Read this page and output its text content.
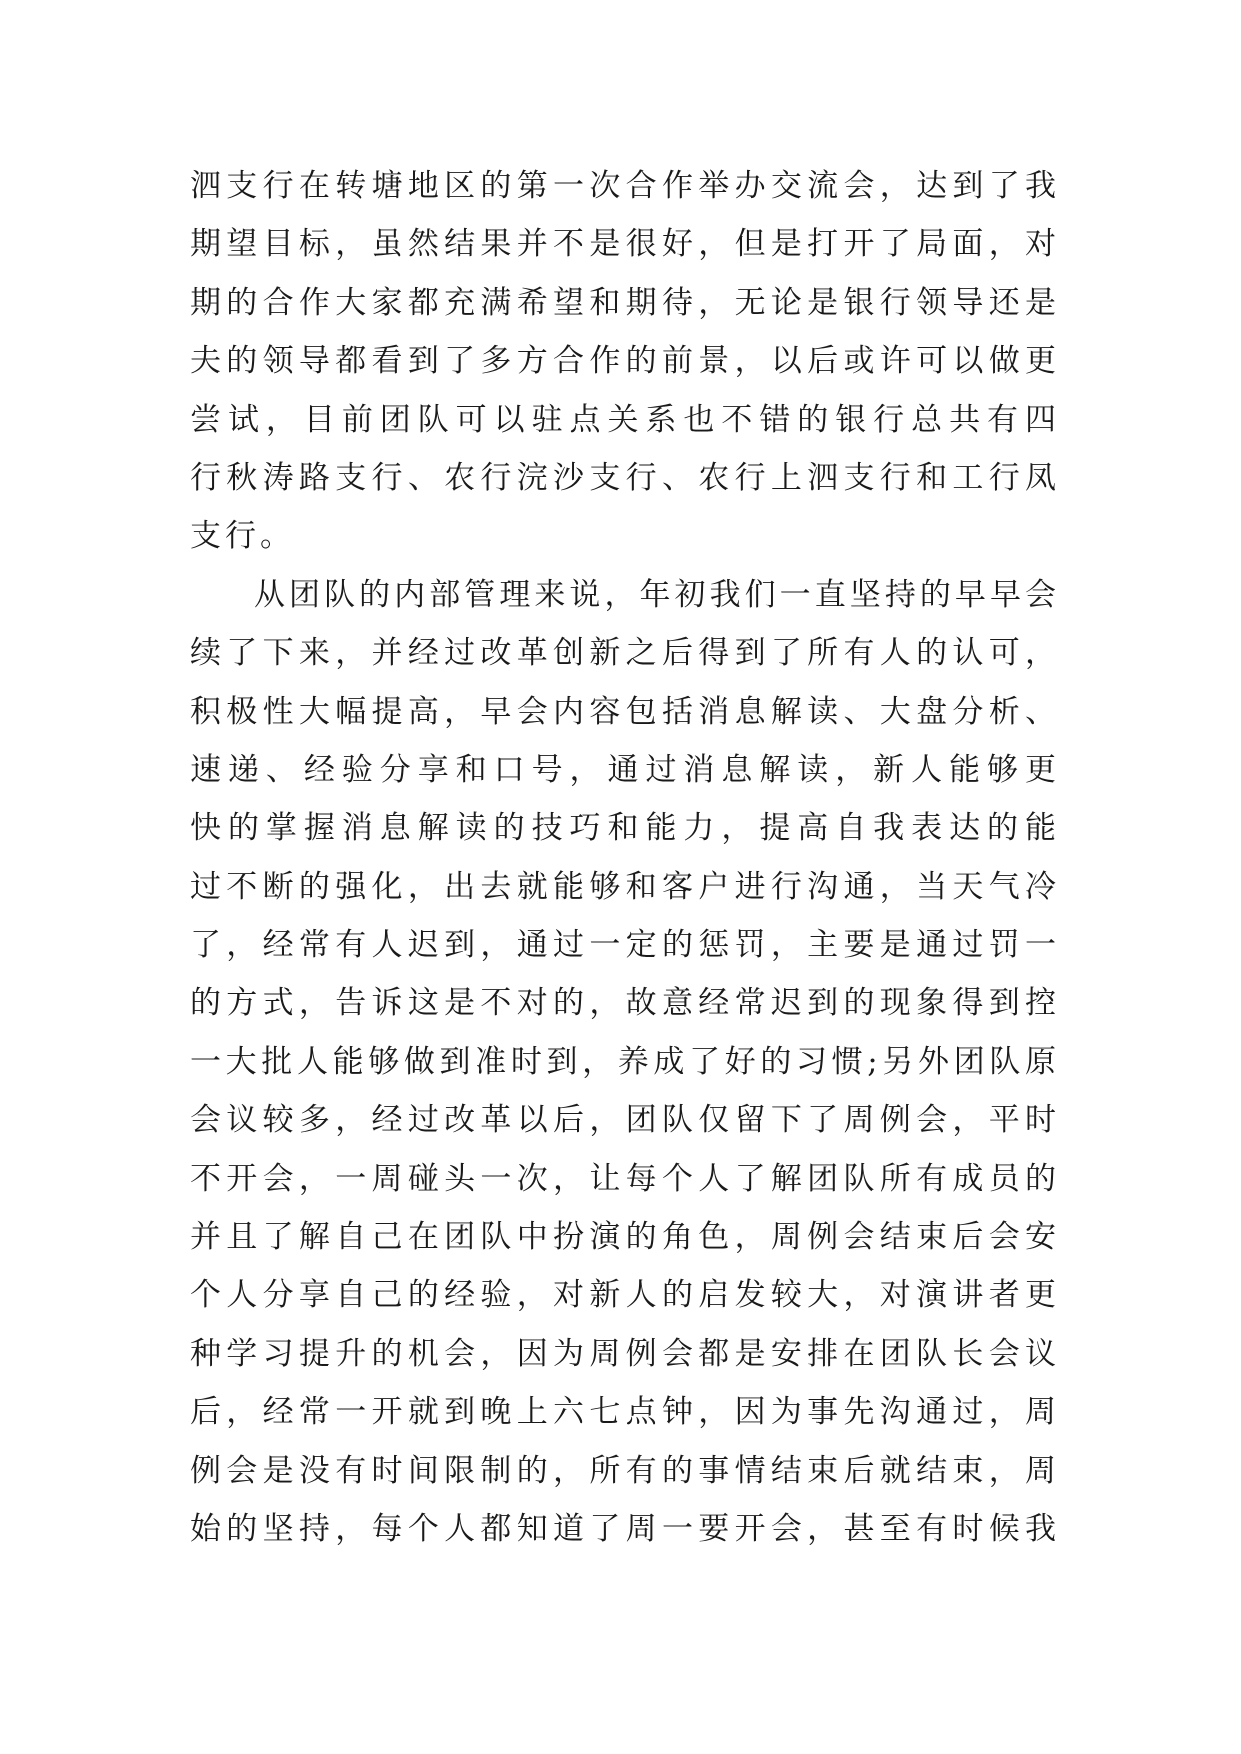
泗支行在转塘地区的第一次合作举办交流会，达到了我
期望目标，虽然结果并不是很好，但是打开了局面，对
期的合作大家都充满希望和期待，无论是银行领导还是
夫的领导都看到了多方合作的前景，以后或许可以做更
尝试，目前团队可以驻点关系也不错的银行总共有四
行秋涛路支行、农行浣沙支行、农行上泗支行和工行凤
支行。
从团队的内部管理来说，年初我们一直坚持的早早会
续了下来，并经过改革创新之后得到了所有人的认可，
积极性大幅提高，早会内容包括消息解读、大盘分析、
速递、经验分享和口号，通过消息解读，新人能够更
快的掌握消息解读的技巧和能力，提高自我表达的能
过不断的强化，出去就能够和客户进行沟通，当天气冷
了，经常有人迟到，通过一定的惩罚，主要是通过罚一
的方式，告诉这是不对的，故意经常迟到的现象得到控
一大批人能够做到准时到，养成了好的习惯;另外团队原
会议较多，经过改革以后，团队仅留下了周例会，平时
不开会，一周碰头一次，让每个人了解团队所有成员的
并且了解自己在团队中扮演的角色，周例会结束后会安
个人分享自己的经验，对新人的启发较大，对演讲者更
种学习提升的机会，因为周例会都是安排在团队长会议
后，经常一开就到晚上六七点钟，因为事先沟通过，周
例会是没有时间限制的，所有的事情结束后就结束，周
始的坚持，每个人都知道了周一要开会，甚至有时候我
